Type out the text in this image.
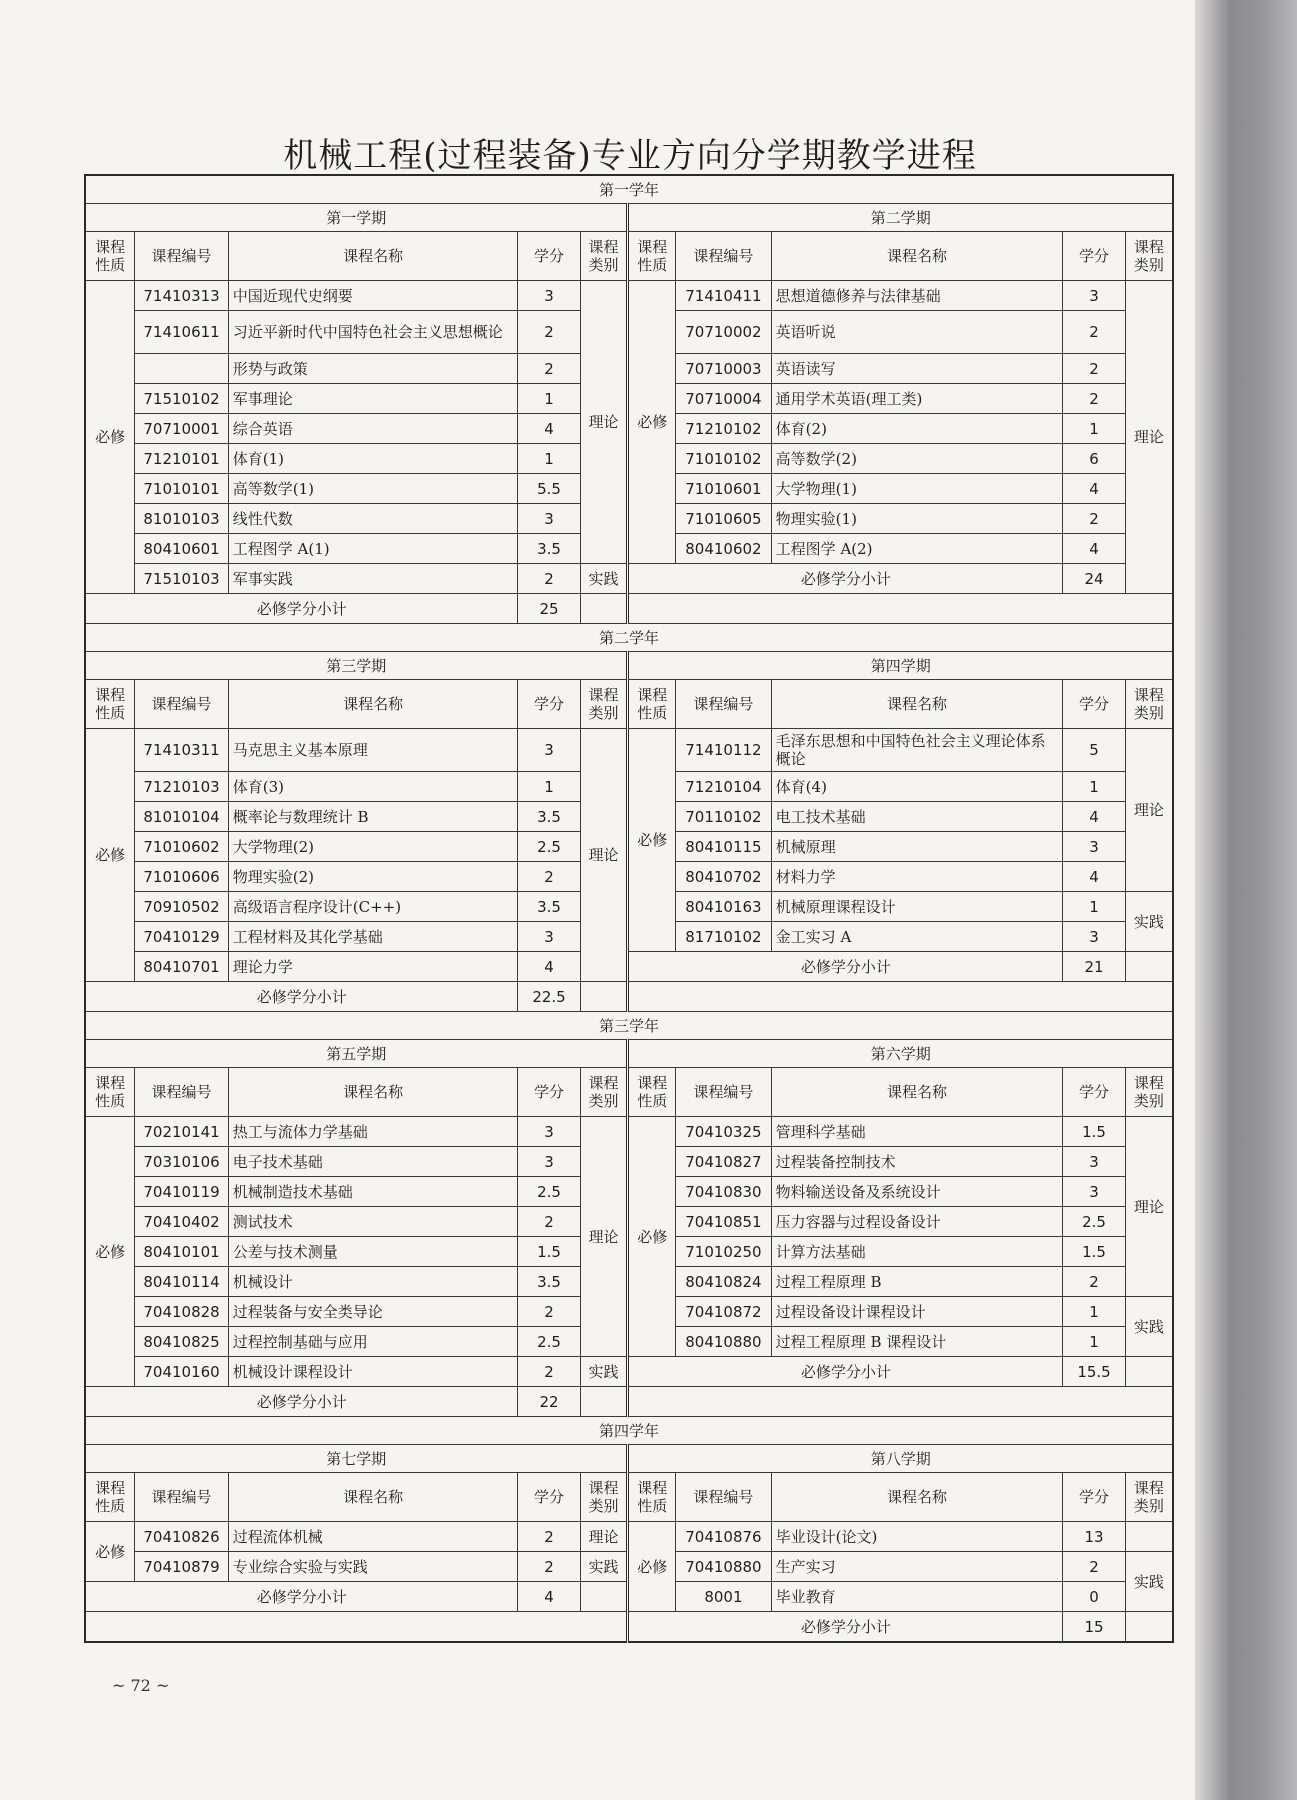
机械工程(过程装备)专业方向分学期教学进程
第一学年									
第一学期					第二学期				
课程性质	课程编号	课程名称	学分	课程类别	课程性质	课程编号	课程名称	学分	课程类别
必修	71410313	中国近现代史纲要	3	理论	必修	71410411	思想道德修养与法律基础	3	理论
	71410611	习近平新时代中国特色社会主义思想概论	2			70710002	英语听说	2	
		形势与政策	2			70710003	英语读写	2	
	71510102	军事理论	1			70710004	通用学术英语(理工类)	2	
	70710001	综合英语	4			71210102	体育(2)	1	
	71210101	体育(1)	1			71010102	高等数学(2)	6	
	71010101	高等数学(1)	5.5			71010601	大学物理(1)	4	
	81010103	线性代数	3			71010605	物理实验(1)	2	
	80410601	工程图学 A(1)	3.5			80410602	工程图学 A(2)	4	
	71510103	军事实践	2	实践	必修学分小计			24	
必修学分小计			25						
第二学年									
第三学期					第四学期				
课程性质	课程编号	课程名称	学分	课程类别	课程性质	课程编号	课程名称	学分	课程类别
必修	71410311	马克思主义基本原理	3	理论	必修	71410112	毛泽东思想和中国特色社会主义理论体系概论	5	理论
	71210103	体育(3)	1			71210104	体育(4)	1	
	81010104	概率论与数理统计 B	3.5			70110102	电工技术基础	4	
	71010602	大学物理(2)	2.5			80410115	机械原理	3	
	71010606	物理实验(2)	2			80410702	材料力学	4	
	70910502	高级语言程序设计(C++)	3.5			80410163	机械原理课程设计	1	实践
	70410129	工程材料及其化学基础	3			81710102	金工实习 A	3	
	80410701	理论力学	4		必修学分小计			21	
必修学分小计			22.5						
第三学年									
第五学期					第六学期				
课程性质	课程编号	课程名称	学分	课程类别	课程性质	课程编号	课程名称	学分	课程类别
必修	70210141	热工与流体力学基础	3	理论	必修	70410325	管理科学基础	1.5	理论
	70310106	电子技术基础	3			70410827	过程装备控制技术	3	
	70410119	机械制造技术基础	2.5			70410830	物料输送设备及系统设计	3	
	70410402	测试技术	2			70410851	压力容器与过程设备设计	2.5	
	80410101	公差与技术测量	1.5			71010250	计算方法基础	1.5	
	80410114	机械设计	3.5			80410824	过程工程原理 B	2	
	70410828	过程装备与安全类导论	2			70410872	过程设备设计课程设计	1	实践
	80410825	过程控制基础与应用	2.5			80410880	过程工程原理 B 课程设计	1	
	70410160	机械设计课程设计	2	实践	必修学分小计			15.5	
必修学分小计			22						
第四学年									
第七学期					第八学期				
课程性质	课程编号	课程名称	学分	课程类别	课程性质	课程编号	课程名称	学分	课程类别
必修	70410826	过程流体机械	2	理论	必修	70410876	毕业设计(论文)	13	
	70410879	专业综合实验与实践	2	实践		70410880	生产实习	2	实践
必修学分小计			4			8001	毕业教育	0	
					必修学分小计			15	
~ 72 ~
